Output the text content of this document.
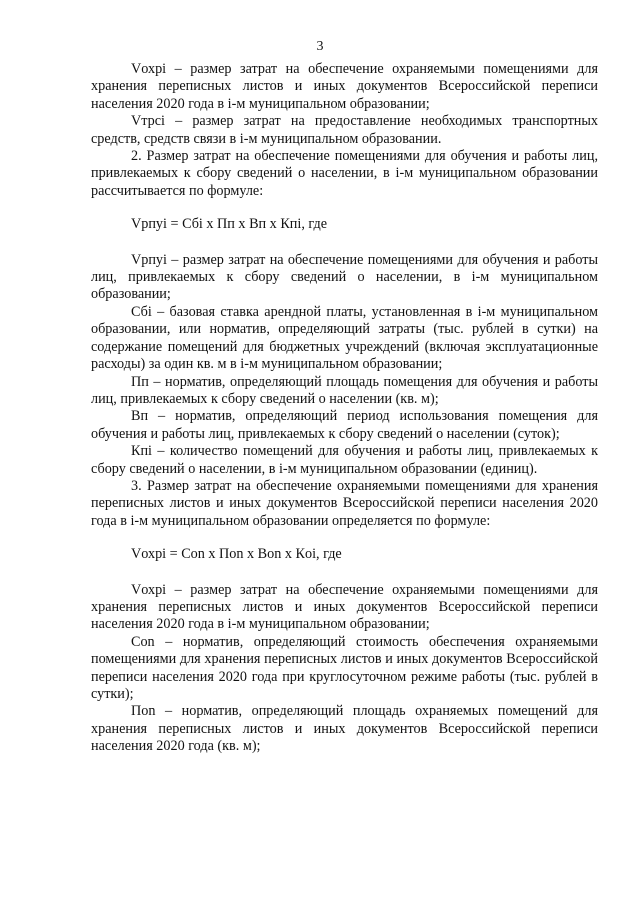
3

Vохрi – размер затрат на обеспечение охраняемыми помещениями для хранения переписных листов и иных документов Всероссийской переписи населения 2020 года в i-м муниципальном образовании;

Vтрсi – размер затрат на предоставление необходимых транспортных средств, средств связи в i-м муниципальном образовании.

2. Размер затрат на обеспечение помещениями для обучения и работы лиц, привлекаемых к сбору сведений о населении, в i-м муниципальном образовании рассчитывается по формуле:

Vрпуi = Сбi х Пп х Вп х Кпi, где

Vрпуi – размер затрат на обеспечение помещениями для обучения и работы лиц, привлекаемых к сбору сведений о населении, в i-м муниципальном образовании;

Сбi – базовая ставка арендной платы, установленная в i-м муниципальном образовании, или норматив, определяющий затраты (тыс. рублей в сутки) на содержание помещений для бюджетных учреждений (включая эксплуатационные расходы) за один кв. м в i-м муниципальном образовании;

Пп – норматив, определяющий площадь помещения для обучения и работы лиц, привлекаемых к сбору сведений о населении (кв. м);

Вп – норматив, определяющий период использования помещения для обучения и работы лиц, привлекаемых к сбору сведений о населении (суток);

Кпi – количество помещений для обучения и работы лиц, привлекаемых к сбору сведений о населении, в i-м муниципальном образовании (единиц).

3. Размер затрат на обеспечение охраняемыми помещениями для хранения переписных листов и иных документов Всероссийской переписи населения 2020 года в i-м муниципальном образовании определяется по формуле:

Vохрi = Сon х Пon х Вon х Кoi, где

Vохрi – размер затрат на обеспечение охраняемыми помещениями для хранения переписных листов и иных документов Всероссийской переписи населения 2020 года в i-м муниципальном образовании;

Сon – норматив, определяющий стоимость обеспечения охраняемыми помещениями для хранения переписных листов и иных документов Всероссийской переписи населения 2020 года при круглосуточном режиме работы (тыс. рублей в сутки);

Пon – норматив, определяющий площадь охраняемых помещений для хранения переписных листов и иных документов Всероссийской переписи населения 2020 года (кв. м);
